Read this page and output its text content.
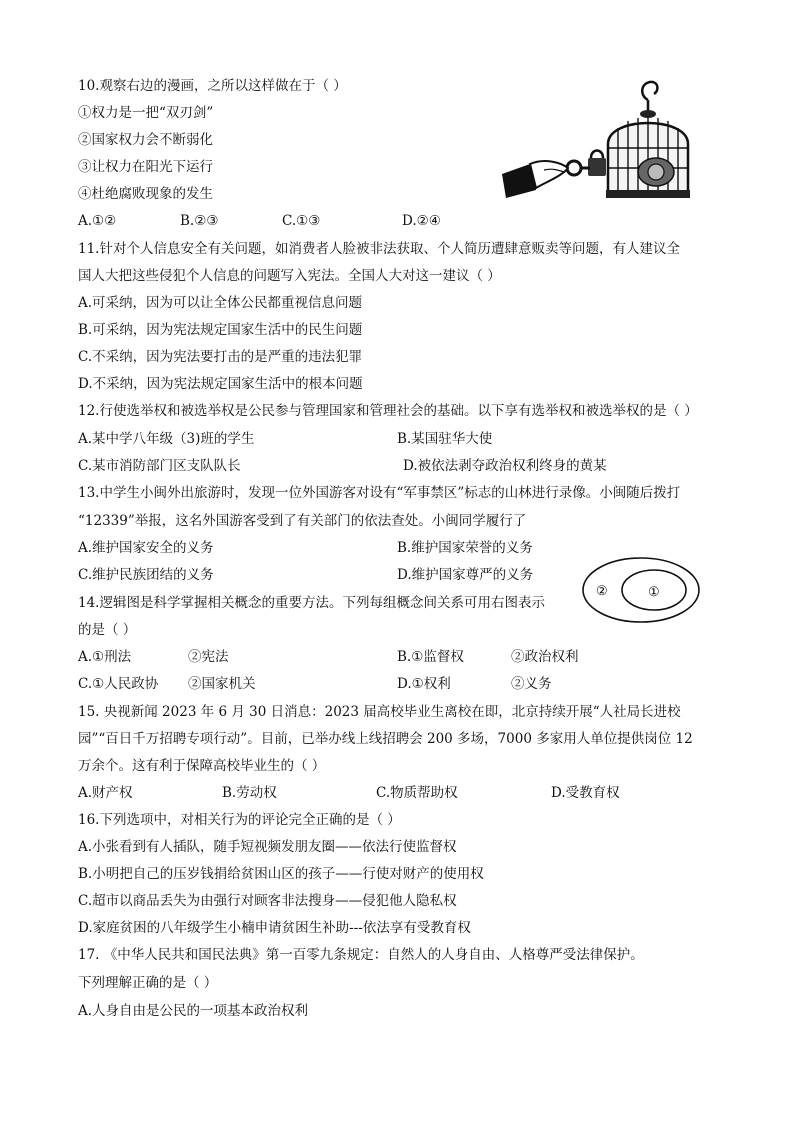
10.观察右边的漫画，之所以这样做在于（ ）
①权力是一把“双刃剑”
②国家权力会不断弱化
③让权力在阳光下运行
④杜绝腐败现象的发生
A.①②	B.②③	C.①③	D.②④
11.针对个人信息安全有关问题，如消费者人脸被非法获取、个人简历遭肆意贩卖等问题，有人建议全
国人大把这些侵犯个人信息的问题写入宪法。全国人大对这一建议（ ）
A.可采纳，因为可以让全体公民都重视信息问题
B.可采纳，因为宪法规定国家生活中的民生问题
C.不采纳，因为宪法要打击的是严重的违法犯罪
D.不采纳，因为宪法规定国家生活中的根本问题
12.行使选举权和被选举权是公民参与管理国家和管理社会的基础。以下享有选举权和被选举权的是（ ）
A.某中学八年级（3)班的学生	B.某国驻华大使
C.某市消防部门区支队队长	D.被依法剥夺政治权利终身的黄某
13.中学生小闽外出旅游时，发现一位外国游客对设有“军事禁区”标志的山林进行录像。小闽随后拨打
“12339”举报，这名外国游客受到了有关部门的依法查处。小闽同学履行了
A.维护国家安全的义务	B.维护国家荣誉的义务
C.维护民族团结的义务	D.维护国家尊严的义务
②	①
14.逻辑图是科学掌握相关概念的重要方法。下列每组概念间关系可用右图表示
的是（ ）
A.①刑法	②宪法	B.①监督权	②政治权利
C.①人民政协 ②国家机关	D.①权利	②义务
15. 央视新闻 2023 年 6 月 30 日消息：2023 届高校毕业生离校在即，北京持续开展“人社局长进校
园”“百日千万招聘专项行动”。目前，已举办线上线招聘会 200 多场，7000 多家用人单位提供岗位 12
万余个。这有利于保障高校毕业生的（ ）
A.财产权	B.劳动权	C.物质帮助权	D.受教育权
16.下列选项中，对相关行为的评论完全正确的是（ ）
A.小张看到有人插队，随手短视频发朋友圈——依法行使监督权
B.小明把自己的压岁钱捐给贫困山区的孩子——行使对财产的使用权
C.超市以商品丢失为由强行对顾客非法搜身——侵犯他人隐私权
D.家庭贫困的八年级学生小楠申请贫困生补助---依法享有受教育权
17. 《中华人民共和国民法典》第一百零九条规定：自然人的人身自由、人格尊严受法律保护。
下列理解正确的是（ ）
A.人身自由是公民的一项基本政治权利
